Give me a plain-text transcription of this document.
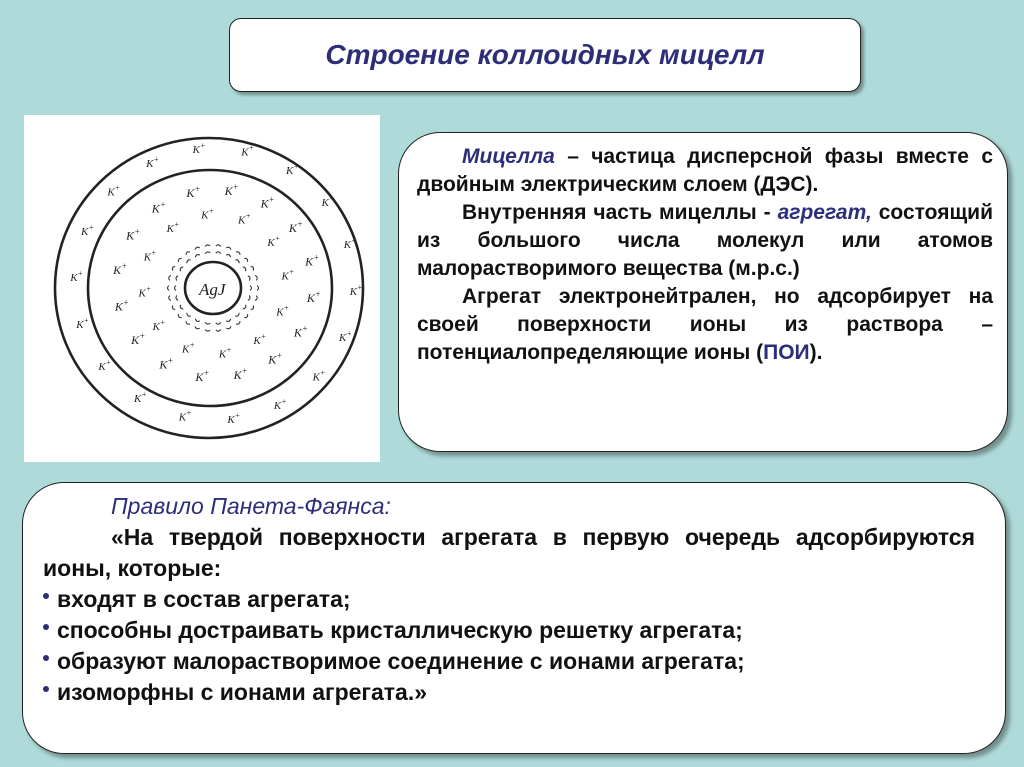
Строение коллоидных мицелл
AgJ	K+
K+
K+
K+
K+
K+
K+
K+
K+
K+
K+
K+ K+
K+
K+
K+
K+
K+
K+
K+
K+
K+
K+
K+
K+
K+
K+
K+
K+
K+
K+
K+
K+
K+
K+
K+
K+
K+
K+
K+
K+
K+
K+
K+
K+
K+

Мицелла – частица дисперсной фазы вместе с двойным электрическим слоем (ДЭС).

Внутренняя часть мицеллы - агрегат, состоящий из большого числа молекул или атомов малорастворимого вещества (м.р.с.)

Агрегат электронейтрален, но адсорбирует на своей поверхности ионы из раствора – потенциалопределяющие ионы (ПОИ).

Правило Панета-Фаянса:

«На твердой поверхности агрегата в первую очередь адсорбируются ионы, которые:

входят в состав агрегата;
способны достраивать кристаллическую решетку агрегата;
образуют малорастворимое соединение с ионами агрегата;
изоморфны с ионами агрегата.»
